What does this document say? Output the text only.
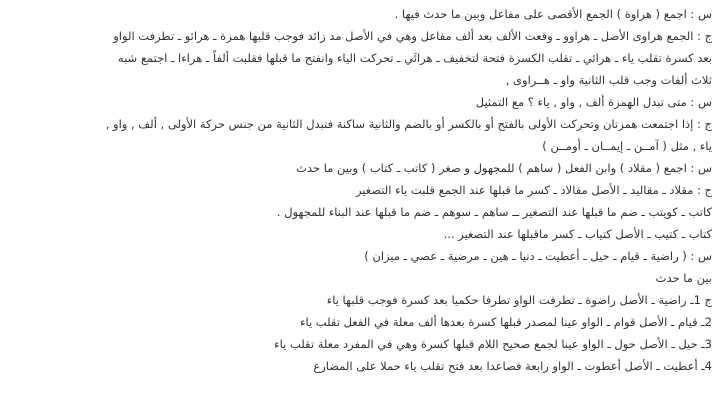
س : اجمع ( هراوة ) الجمع الأقصى على مفاعل وبين ما حدث فيها .
ج : الجمع هراوى الأصل ـ هراوو ـ وقعت الألف بعد ألف مفاعل وهي في الأصل مد زائد فوجب قلبها همزة ـ هرائو ـ تطرفت الواو
بعد كسرة تقلب ياء ـ هرائي ـ تقلب الكسرة فتحة لتخفيف ـ هرائَي ـ تحركت الياء وانفتح ما قبلها فقلبت ألفاً ـ هراءا ـ اجتمع شبه
ثلاث ألفات وجب قلب الثانية واو ـ هــراوى ,
س : متى تبدل الهمزة ألف , واو , ياء ؟ مع التمثيل
ج : إذا اجتمعت همزتان وتحركت الأولى بالفتح أو بالكسر أو بالضم والثانية ساكنة فتبدل الثانية من جنس حركة الأولى , ألف , واو ,
ياء , مثل ( آمــن ـ إيمــان ـ أومــن )
س : اجمع ( مقلاد ) وابن الفعل ( ساهم ) للمجهول و صغر ( كاتب ـ كتاب ) وبين ما حدث
ج : مقلاد ـ مقاليد ـ الأصل مقالاد ـ كسر ما قبلها عند الجمع قلبت ياء التصغير
كاتب ـ كويتب ـ ضم ما قبلها عند التصغير ــ ساهم ـ سوهم ـ ضم ما قبلها عند البناء للمجهول .
كتاب ـ كتيب ـ الأصل كتياب ـ كسر ماقبلها عند التصغير ...
س : ( راضية ـ قيام ـ حيل ـ أعطيت ـ دنيا ـ هين ـ مرضية ـ عصي ـ ميزان )
بين ما حدث
ج 1ـ راضية ـ الأصل راضوة ـ تطرفت الواو تطرفا حكميا بعد كسرة فوجب قلبها ياء
2ـ قيام ـ الأصل قوام ـ الواو عينا لمصدر قبلها كسرة بعدها ألف معلة في الفعل تقلب ياء
3ـ حيل ـ الأصل حول ـ الواو عينا لجمع صحيح اللام قبلها كسرة وهي في المفرد معلة تقلب ياء
4ـ أعطيت ـ الأصل أعطوت ـ الواو رابعة فصاعدا بعد فتح تقلب ياء حملا على المضارع
